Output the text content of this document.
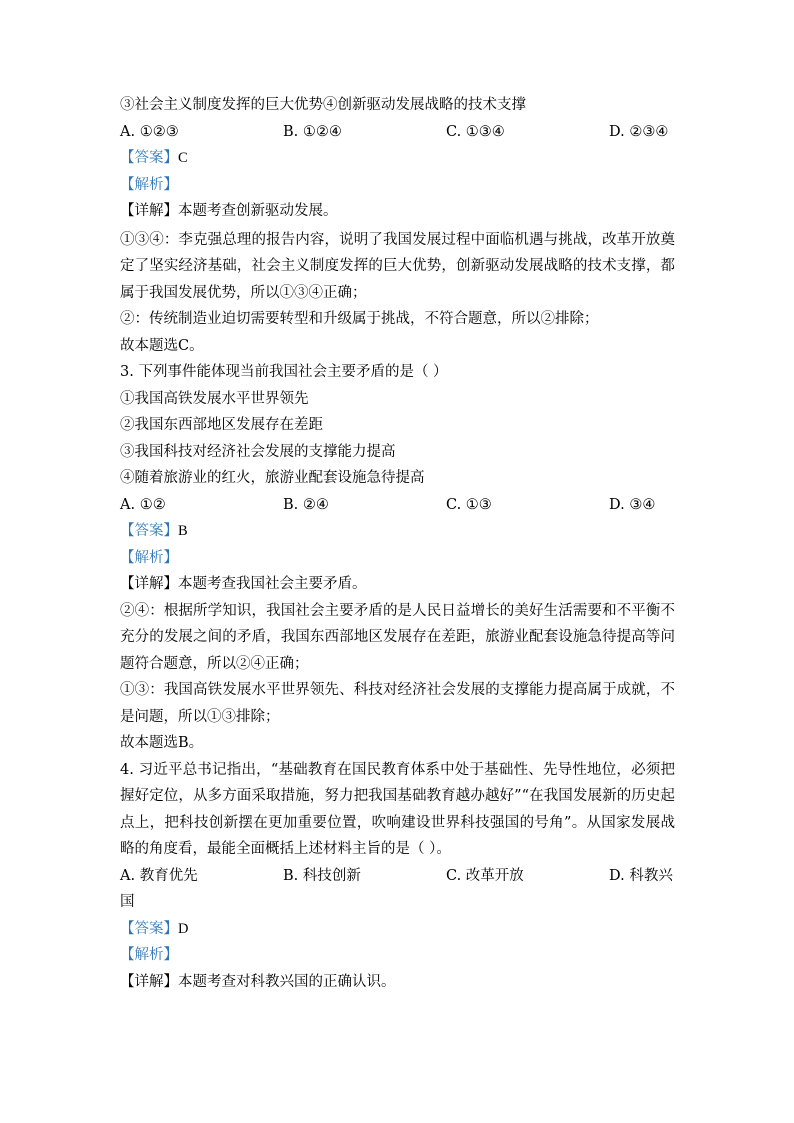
③社会主义制度发挥的巨大优势④创新驱动发展战略的技术支撑
A. ①②③	B. ①②④	C. ①③④	D. ②③④
【答案】C
【解析】
【详解】本题考查创新驱动发展。
①③④：李克强总理的报告内容，说明了我国发展过程中面临机遇与挑战，改革开放奠定了坚实经济基础，社会主义制度发挥的巨大优势，创新驱动发展战略的技术支撑，都属于我国发展优势，所以①③④正确；
②：传统制造业迫切需要转型和升级属于挑战，不符合题意，所以②排除；
故本题选C。
3. 下列事件能体现当前我国社会主要矛盾的是（ ）
①我国高铁发展水平世界领先
②我国东西部地区发展存在差距
③我国科技对经济社会发展的支撑能力提高
④随着旅游业的红火，旅游业配套设施急待提高
A. ①②	B. ②④	C. ①③	D. ③④
【答案】B
【解析】
【详解】本题考查我国社会主要矛盾。
②④：根据所学知识，我国社会主要矛盾的是人民日益增长的美好生活需要和不平衡不充分的发展之间的矛盾，我国东西部地区发展存在差距，旅游业配套设施急待提高等问题符合题意，所以②④正确；
①③：我国高铁发展水平世界领先、科技对经济社会发展的支撑能力提高属于成就，不是问题，所以①③排除；
故本题选B。
4. 习近平总书记指出，“基础教育在国民教育体系中处于基础性、先导性地位，必须把握好定位，从多方面采取措施，努力把我国基础教育越办越好”“在我国发展新的历史起点上，把科技创新摆在更加重要位置，吹响建设世界科技强国的号角”。从国家发展战略的角度看，最能全面概括上述材料主旨的是（ ）。
A. 教育优先	B. 科技创新	C. 改革开放	D. 科教兴
国
【答案】D
【解析】
【详解】本题考查对科教兴国的正确认识。
